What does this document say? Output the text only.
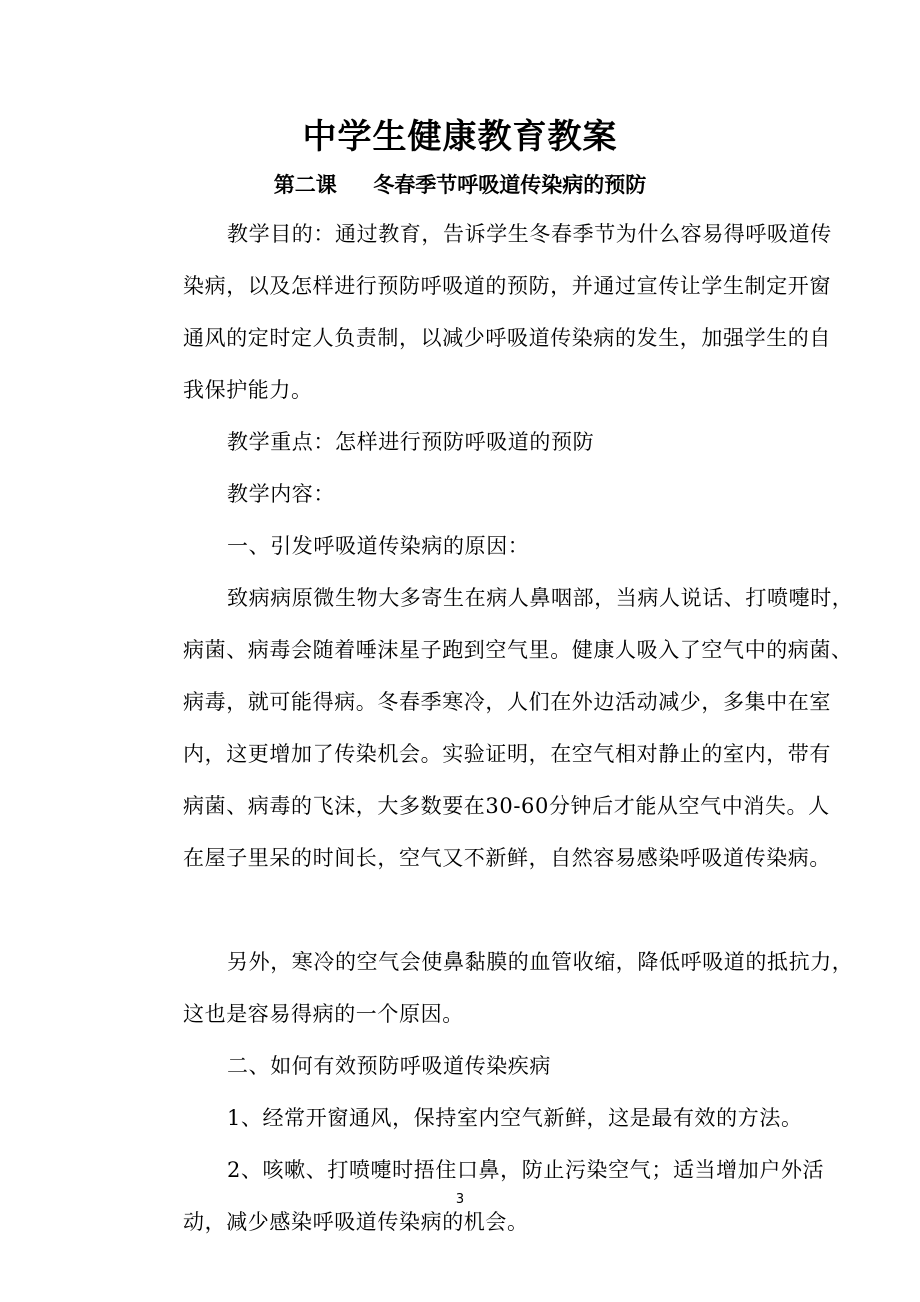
中学生健康教育教案
第二课     冬春季节呼吸道传染病的预防

教学目的：通过教育，告诉学生冬春季节为什么容易得呼吸道传
染病，以及怎样进行预防呼吸道的预防，并通过宣传让学生制定开窗
通风的定时定人负责制，以减少呼吸道传染病的发生，加强学生的自
我保护能力。

教学重点：怎样进行预防呼吸道的预防

教学内容：

一、引发呼吸道传染病的原因：

致病病原微生物大多寄生在病人鼻咽部，当病人说话、打喷嚏时，
病菌、病毒会随着唾沫星子跑到空气里。健康人吸入了空气中的病菌、
病毒，就可能得病。冬春季寒冷，人们在外边活动减少，多集中在室
内，这更增加了传染机会。实验证明，在空气相对静止的室内，带有
病菌、病毒的飞沫，大多数要在30-60分钟后才能从空气中消失。人
在屋子里呆的时间长，空气又不新鲜，自然容易感染呼吸道传染病。

另外，寒冷的空气会使鼻黏膜的血管收缩，降低呼吸道的抵抗力，
这也是容易得病的一个原因。

二、如何有效预防呼吸道传染疾病

1、经常开窗通风，保持室内空气新鲜，这是最有效的方法。

2、咳嗽、打喷嚏时捂住口鼻，防止污染空气；适当增加户外活
动，减少感染呼吸道传染病的机会。

3
